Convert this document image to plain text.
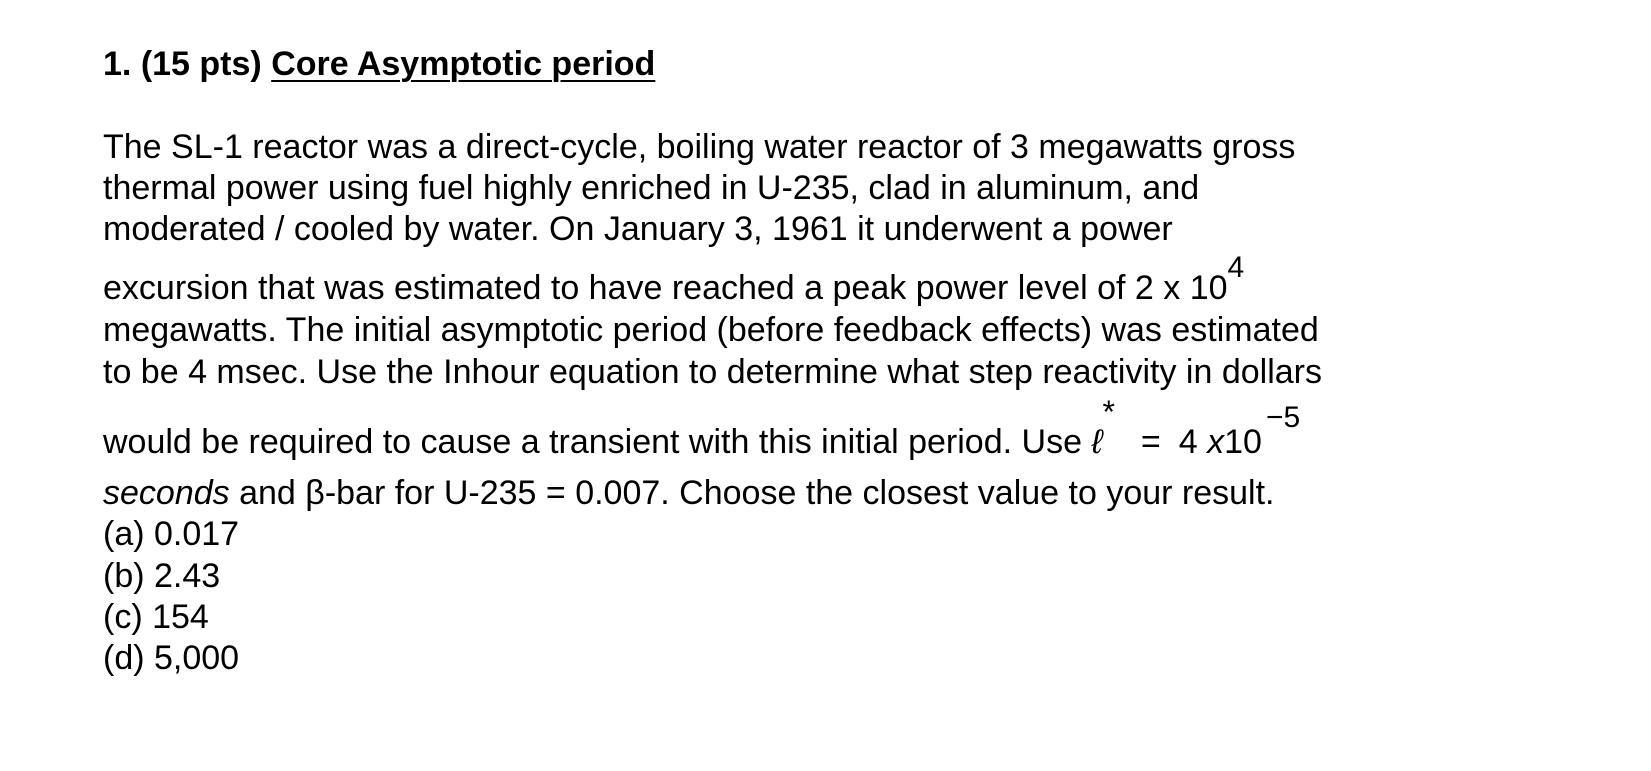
1. (15 pts) Core Asymptotic period
The SL-1 reactor was a direct-cycle, boiling water reactor of 3 megawatts gross
thermal power using fuel highly enriched in U-235, clad in aluminum, and
moderated / cooled by water. On January 3, 1961 it underwent a power
excursion that was estimated to have reached a peak power level of 2 x 104
megawatts. The initial asymptotic period (before feedback effects) was estimated
to be 4 msec. Use the Inhour equation to determine what step reactivity in dollars
would be required to cause a transient with this initial period. Use ℓ*= 4 x10−5
seconds and β-bar for U-235 = 0.007. Choose the closest value to your result.
(a) 0.017
(b) 2.43
(c) 154
(d) 5,000
